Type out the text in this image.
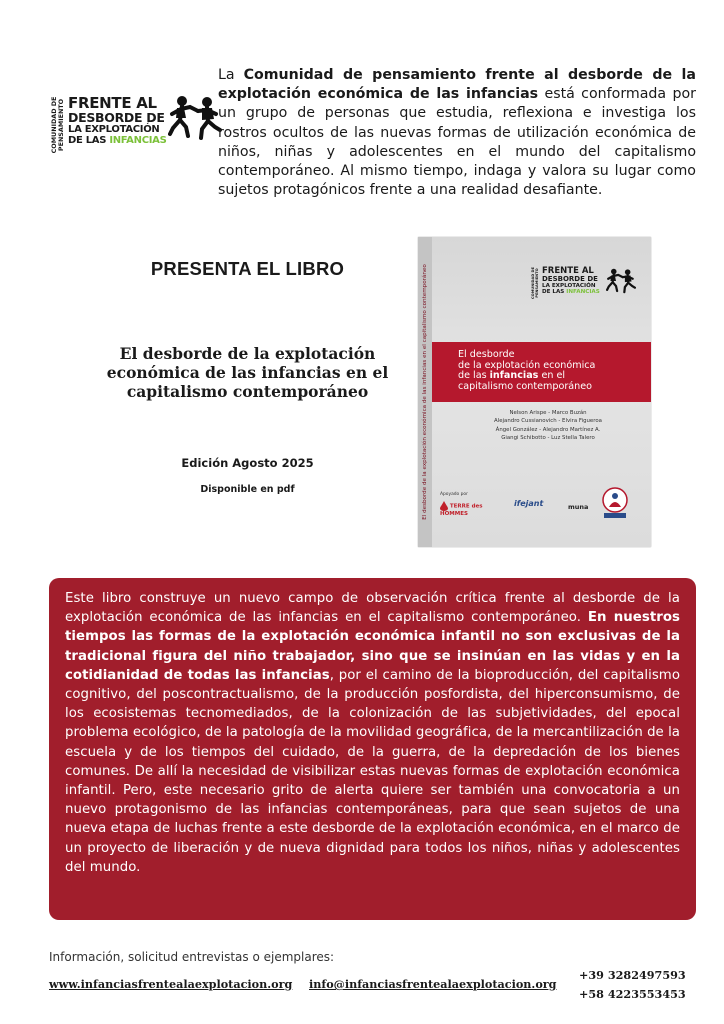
COMUNIDAD DE PENSAMIENTO FRENTE AL
DESBORDE DE
LA EXPLOTACIÓN
DE LAS INFANCIAS

La Comunidad de pensamiento frente al desborde de la explotación económica de las infancias está conformada por un grupo de personas que estudia, reflexiona e investiga los rostros ocultos de las nuevas formas de utilización económica de niños, niñas y adolescentes en el mundo del capitalismo contemporáneo. Al mismo tiempo, indaga y valora su lugar como sujetos protagónicos frente a una realidad desafiante.

PRESENTA EL LIBRO
El desborde de la explotación
económica de las infancias en el
capitalismo contemporáneo
Edición Agosto 2025
Disponible en pdf	El desborde de la explotación económica de las infancias en el capitalismo contemporáneo	COMUNIDAD DE PENSAMIENTO FRENTE AL
DESBORDE DE
LA EXPLOTACIÓN
DE LAS INFANCIAS
El desborde
de la explotación económica
de las infancias en el
capitalismo contemporáneo
Nelson Arispe - Marco Buzán
Alejandro Cussianovich - Elvira Figueroa
Ángel González - Alejandro Martínez A.
Giangi Schibotto - Luz Stella Talero
Apoyado por
TERRE des HOMMES
ifejant	muna

Este libro construye un nuevo campo de observación crítica frente al desborde de la explotación económica de las infancias en el capitalismo contemporáneo. En nuestros tiempos las formas de la explotación económica infantil no son exclusivas de la tradicional figura del niño trabajador, sino que se insinúan en las vidas y en la cotidianidad de todas las infancias, por el camino de la bioproducción, del capitalismo cognitivo, del poscontractualismo, de la producción posfordista, del hiperconsumismo, de los ecosistemas tecnomediados, de la colonización de las subjetividades, del epocal problema ecológico, de la patología de la movilidad geográfica, de la mercantilización de la escuela y de los tiempos del cuidado, de la guerra, de la depredación de los bienes comunes. De allí la necesidad de visibilizar estas nuevas formas de explotación económica infantil. Pero, este necesario grito de alerta quiere ser también una convocatoria a un nuevo protagonismo de las infancias contemporáneas, para que sean sujetos de una nueva etapa de luchas frente a este desborde de la explotación económica, en el marco de un proyecto de liberación y de nueva dignidad para todos los niños, niñas y adolescentes del mundo.

Información, solicitud entrevistas o ejemplares:
www.infanciasfrentealaexplotacion.org info@infanciasfrentealaexplotacion.org
+39 3282497593
+58 4223553453
